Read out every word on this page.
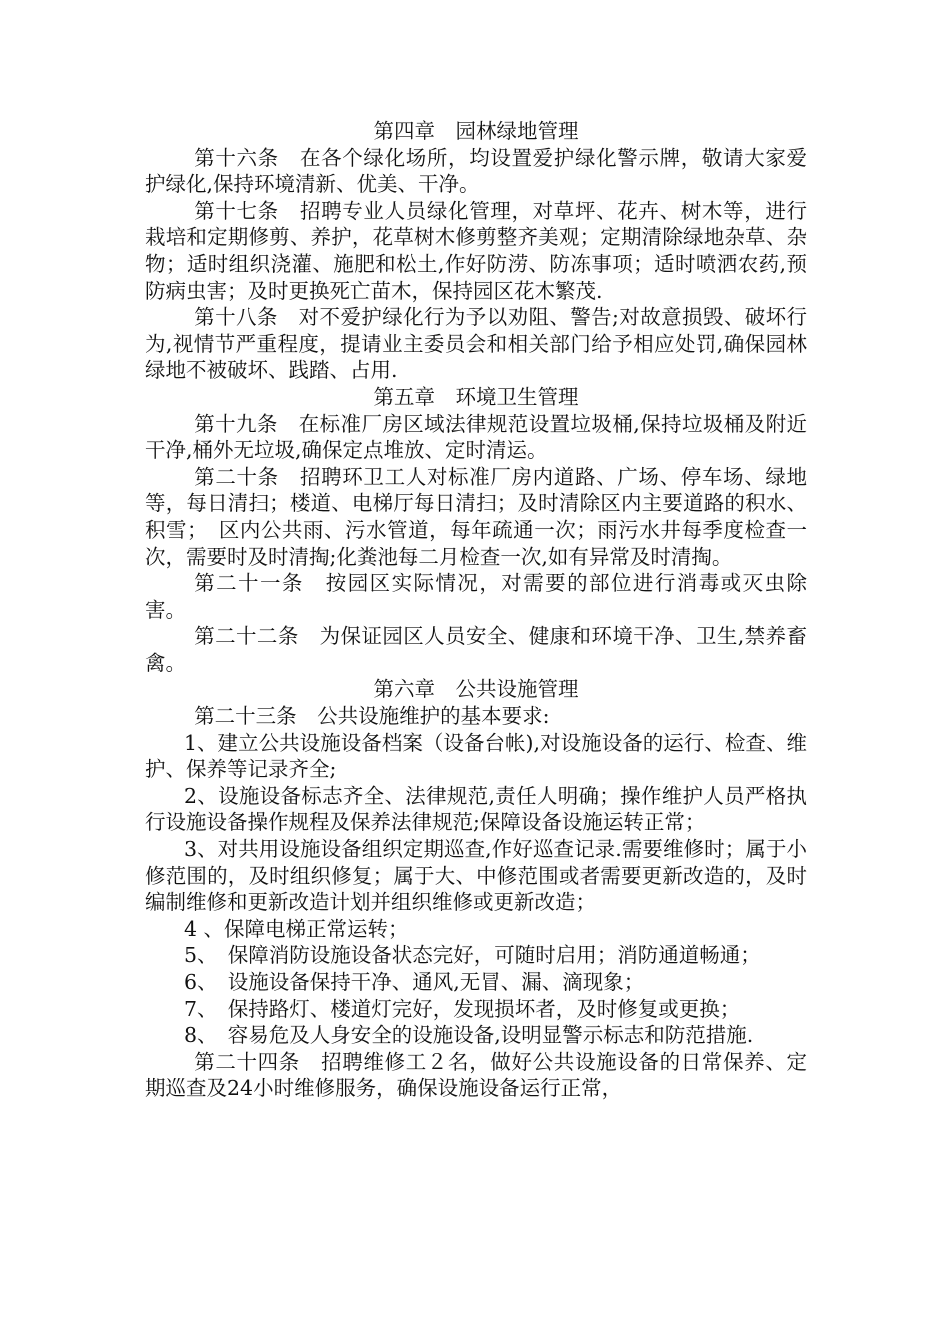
第四章　园林绿地管理

第十六条　在各个绿化场所，均设置爱护绿化警示牌，敬请大家爱护绿化,保持环境清新、优美、干净。

第十七条　招聘专业人员绿化管理，对草坪、花卉、树木等，进行栽培和定期修剪、养护，花草树木修剪整齐美观；定期清除绿地杂草、杂物；适时组织浇灌、施肥和松土,作好防涝、防冻事项；适时喷洒农药,预防病虫害；及时更换死亡苗木，保持园区花木繁茂.

第十八条　对不爱护绿化行为予以劝阻、警告;对故意损毁、破坏行为,视情节严重程度，提请业主委员会和相关部门给予相应处罚,确保园林绿地不被破坏、践踏、占用.

第五章　环境卫生管理

第十九条　在标准厂房区域法律规范设置垃圾桶,保持垃圾桶及附近干净,桶外无垃圾,确保定点堆放、定时清运。

第二十条　招聘环卫工人对标准厂房内道路、广场、停车场、绿地等，每日清扫；楼道、电梯厅每日清扫；及时清除区内主要道路的积水、积雪；　区内公共雨、污水管道，每年疏通一次；雨污水井每季度检查一次，需要时及时清掏;化粪池每二月检查一次,如有异常及时清掏。

第二十一条　按园区实际情况，对需要的部位进行消毒或灭虫除害。

第二十二条　为保证园区人员安全、健康和环境干净、卫生,禁养畜禽。

第六章　公共设施管理

第二十三条　公共设施维护的基本要求:

1、建立公共设施设备档案（设备台帐),对设施设备的运行、检查、维护、保养等记录齐全;

2、设施设备标志齐全、法律规范,责任人明确；操作维护人员严格执行设施设备操作规程及保养法律规范;保障设备设施运转正常；

3、对共用设施设备组织定期巡查,作好巡查记录.需要维修时；属于小修范围的，及时组织修复；属于大、中修范围或者需要更新改造的，及时编制维修和更新改造计划并组织维修或更新改造；

4 、保障电梯正常运转；

5、　保障消防设施设备状态完好，可随时启用；消防通道畅通；

6、　设施设备保持干净、通风,无冒、漏、滴现象；

7、　保持路灯、楼道灯完好，发现损坏者，及时修复或更换；

8、　容易危及人身安全的设施设备,设明显警示标志和防范措施.

第二十四条　招聘维修工２名，做好公共设施设备的日常保养、定期巡查及24小时维修服务，确保设施设备运行正常，
